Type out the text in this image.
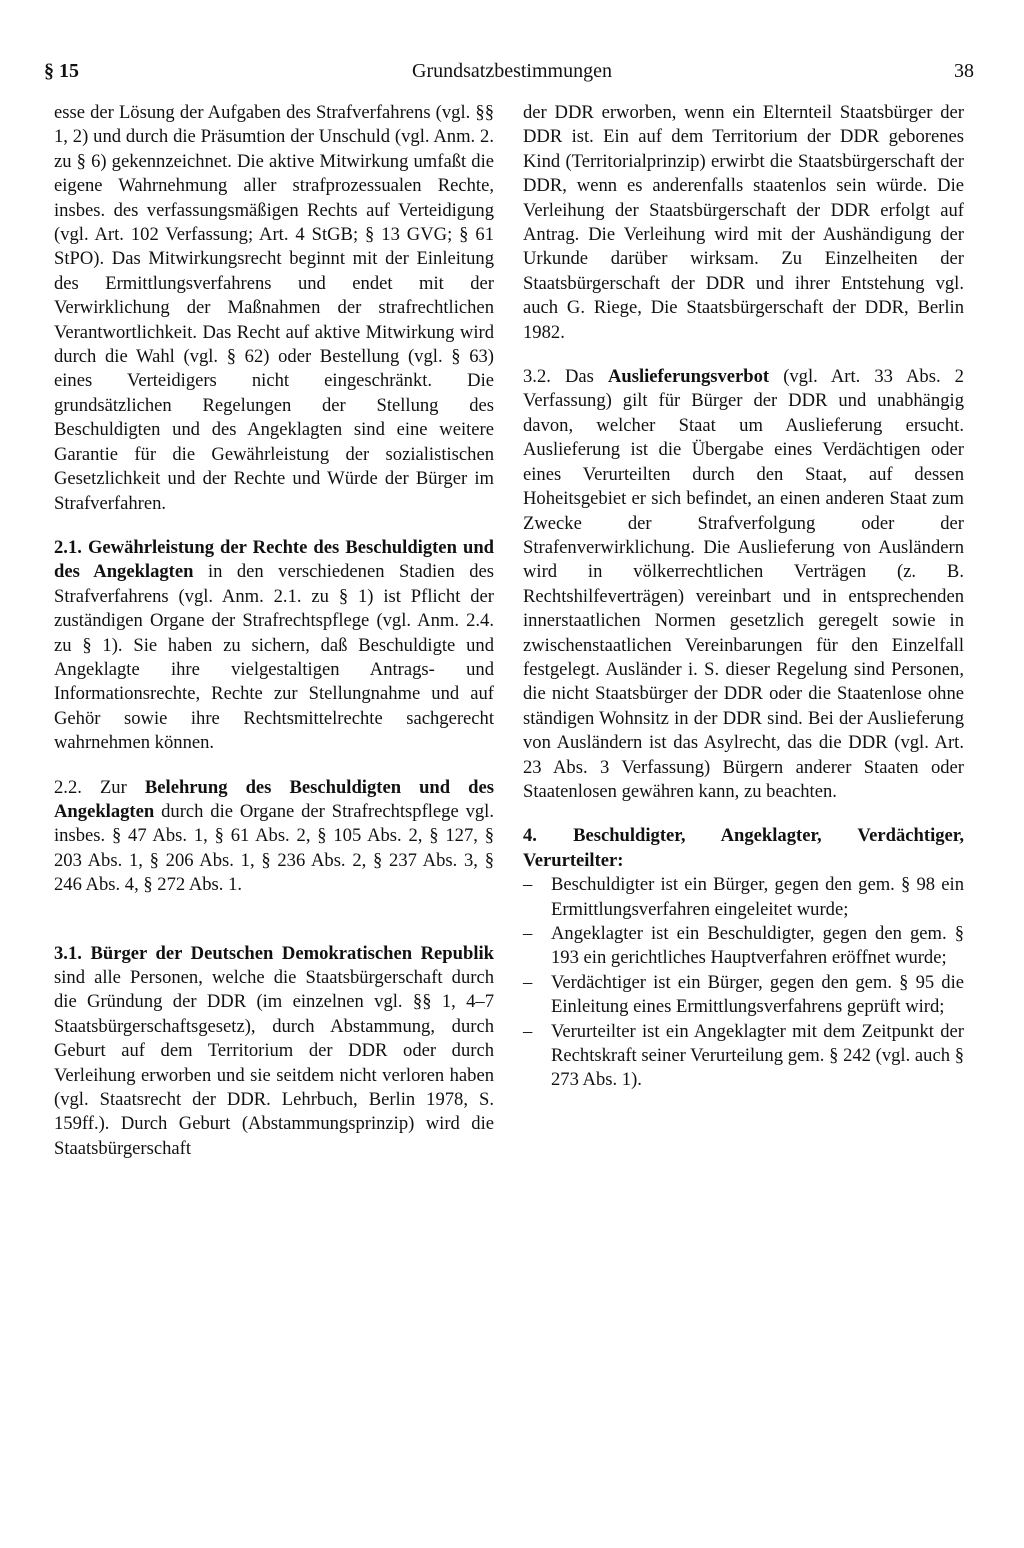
§ 15	Grundsatzbestimmungen	38

esse der Lösung der Aufgaben des Strafverfahrens (vgl. §§ 1, 2) und durch die Präsumtion der Unschuld (vgl. Anm. 2. zu § 6) gekennzeichnet. Die aktive Mitwirkung umfaßt die eigene Wahrnehmung aller strafprozessualen Rechte, insbes. des verfassungsmäßigen Rechts auf Verteidigung (vgl. Art. 102 Verfassung; Art. 4 StGB; § 13 GVG; § 61 StPO). Das Mitwirkungsrecht beginnt mit der Einleitung des Ermittlungsverfahrens und endet mit der Verwirklichung der Maßnahmen der strafrechtlichen Verantwortlichkeit. Das Recht auf aktive Mitwirkung wird durch die Wahl (vgl. § 62) oder Bestellung (vgl. § 63) eines Verteidigers nicht eingeschränkt. Die grundsätzlichen Regelungen der Stellung des Beschuldigten und des Angeklagten sind eine weitere Garantie für die Gewährleistung der sozialistischen Gesetzlichkeit und der Rechte und Würde der Bürger im Strafverfahren.

2.1. Gewährleistung der Rechte des Beschuldigten und des Angeklagten in den verschiedenen Stadien des Strafverfahrens (vgl. Anm. 2.1. zu § 1) ist Pflicht der zuständigen Organe der Strafrechtspflege (vgl. Anm. 2.4. zu § 1). Sie haben zu sichern, daß Beschuldigte und Angeklagte ihre vielgestaltigen Antrags- und Informationsrechte, Rechte zur Stellungnahme und auf Gehör sowie ihre Rechtsmittelrechte sachgerecht wahrnehmen können.

2.2. Zur Belehrung des Beschuldigten und des Angeklagten durch die Organe der Strafrechtspflege vgl. insbes. § 47 Abs. 1, § 61 Abs. 2, § 105 Abs. 2, § 127, § 203 Abs. 1, § 206 Abs. 1, § 236 Abs. 2, § 237 Abs. 3, § 246 Abs. 4, § 272 Abs. 1.

3.1. Bürger der Deutschen Demokratischen Republik sind alle Personen, welche die Staatsbürgerschaft durch die Gründung der DDR (im einzelnen vgl. §§ 1, 4–7 Staatsbürgerschaftsgesetz), durch Abstammung, durch Geburt auf dem Territorium der DDR oder durch Verleihung erworben und sie seitdem nicht verloren haben (vgl. Staatsrecht der DDR. Lehrbuch, Berlin 1978, S. 159ff.). Durch Geburt (Abstammungsprinzip) wird die Staatsbürgerschaft

der DDR erworben, wenn ein Elternteil Staatsbürger der DDR ist. Ein auf dem Territorium der DDR geborenes Kind (Territorialprinzip) erwirbt die Staatsbürgerschaft der DDR, wenn es anderenfalls staatenlos sein würde. Die Verleihung der Staatsbürgerschaft der DDR erfolgt auf Antrag. Die Verleihung wird mit der Aushändigung der Urkunde darüber wirksam. Zu Einzelheiten der Staatsbürgerschaft der DDR und ihrer Entstehung vgl. auch G. Riege, Die Staatsbürgerschaft der DDR, Berlin 1982.

3.2. Das Auslieferungsverbot (vgl. Art. 33 Abs. 2 Verfassung) gilt für Bürger der DDR und unabhängig davon, welcher Staat um Auslieferung ersucht. Auslieferung ist die Übergabe eines Verdächtigen oder eines Verurteilten durch den Staat, auf dessen Hoheitsgebiet er sich befindet, an einen anderen Staat zum Zwecke der Strafverfolgung oder der Strafenverwirklichung. Die Auslieferung von Ausländern wird in völkerrechtlichen Verträgen (z. B. Rechtshilfeverträgen) vereinbart und in entsprechenden innerstaatlichen Normen gesetzlich geregelt sowie in zwischenstaatlichen Vereinbarungen für den Einzelfall festgelegt. Ausländer i. S. dieser Regelung sind Personen, die nicht Staatsbürger der DDR oder die Staatenlose ohne ständigen Wohnsitz in der DDR sind. Bei der Auslieferung von Ausländern ist das Asylrecht, das die DDR (vgl. Art. 23 Abs. 3 Verfassung) Bürgern anderer Staaten oder Staatenlosen gewähren kann, zu beachten.

4. Beschuldigter, Angeklagter, Verdächtiger, Verurteilter:

– Beschuldigter ist ein Bürger, gegen den gem. § 98 ein Ermittlungsverfahren eingeleitet wurde;
– Angeklagter ist ein Beschuldigter, gegen den gem. § 193 ein gerichtliches Hauptverfahren eröffnet wurde;
– Verdächtiger ist ein Bürger, gegen den gem. § 95 die Einleitung eines Ermittlungsverfahrens geprüft wird;
– Verurteilter ist ein Angeklagter mit dem Zeitpunkt der Rechtskraft seiner Verurteilung gem. § 242 (vgl. auch § 273 Abs. 1).
